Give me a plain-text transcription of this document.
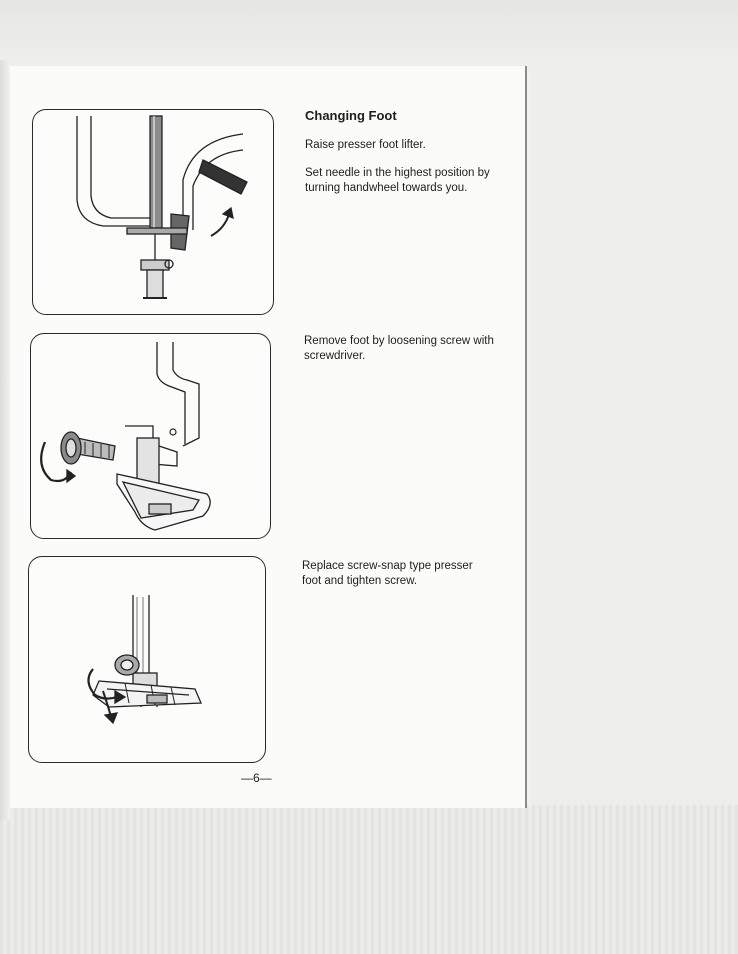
Changing Foot
Raise presser foot lifter.
Set needle in the highest position by turning handwheel towards you.
Remove foot by loosening screw with screwdriver.
Replace screw-snap type presser foot and tighten screw.
—6—
